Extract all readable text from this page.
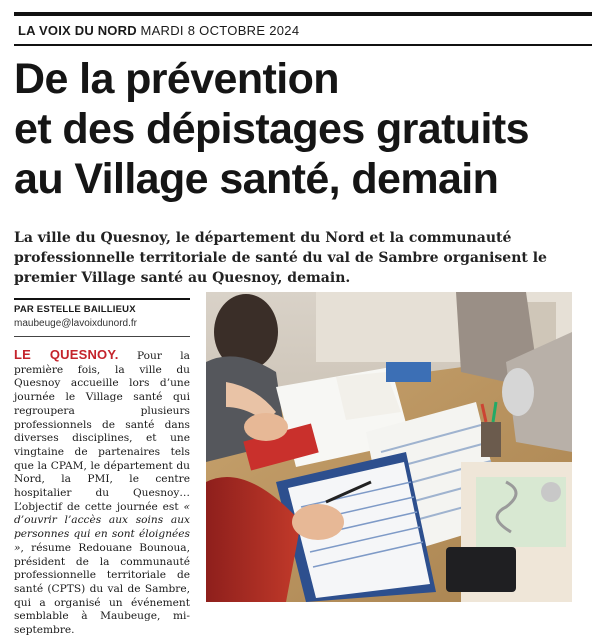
LA VOIX DU NORD MARDI 8 OCTOBRE 2024
De la prévention
et des dépistages gratuits
au Village santé, demain

La ville du Quesnoy, le département du Nord et la communauté professionnelle territoriale de santé du val de Sambre organisent le premier Village santé au Quesnoy, demain.

PAR ESTELLE BAILLIEUX
maubeuge@lavoixdunord.fr

LE QUESNOY. Pour la première fois, la ville du Quesnoy accueille lors d’une journée le Village santé qui regroupera plusieurs professionnels de santé dans diverses disciplines, et une vingtaine de partenaires tels que la CPAM, le département du Nord, la PMI, le centre hospitalier du Quesnoy… L’objectif de cette journée est « d’ouvrir l’accès aux soins aux personnes qui en sont éloignées », résume Redouane Bounoua, président de la communauté professionnelle territoriale de santé (CPTS) du val de Sambre, qui a organisé un événement semblable à Maubeuge, mi-septembre.
